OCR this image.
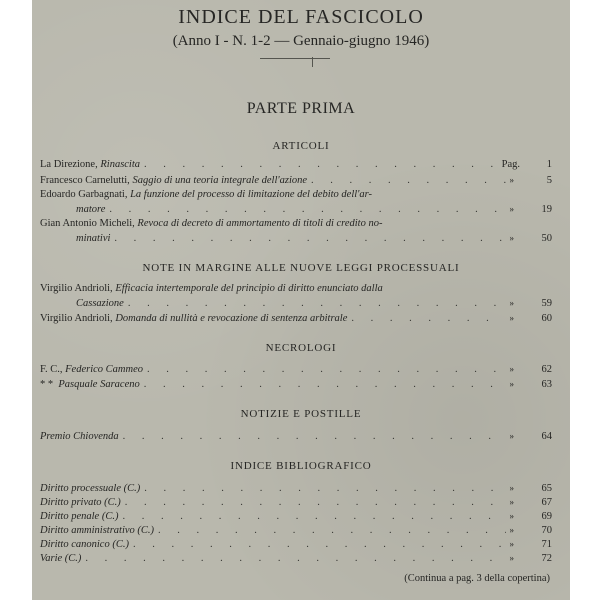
INDICE DEL FASCICOLO
(Anno I - N. 1-2 — Gennaio-giugno 1946)
PARTE PRIMA
ARTICOLI
La Direzione,
Rinascita . . .	Pag.	1
Francesco Carnelutti,
Saggio di una teoria integrale dell'azione . . .	»	5
Edoardo Garbagnati,
La funzione del processo di limitazione del debito dell'ar-
matore . . .	»	19
Gian Antonio Micheli,
Revoca di decreto di ammortamento di titoli di credito no-
minativi . . .	»	50
NOTE IN MARGINE ALLE NUOVE LEGGI PROCESSUALI
Virgilio Andrioli,
Efficacia intertemporale del principio di diritto enunciato dalla
Cassazione . . .	»	59
Virgilio Andrioli,
Domanda di nullità e revocazione di sentenza arbitrale . . .	»	60
NECROLOGI
F. C.,
Federico Cammeo . . .	»	62
* *
Pasquale Saraceno . . .	»	63
NOTIZIE E POSTILLE
Premio Chiovenda . . .	»	64
INDICE BIBLIOGRAFICO
Diritto processuale (C.) . . .	»	65
Diritto privato (C.) . . .	»	67
Diritto penale (C.) . . .	»	69
Diritto amministrativo (C.) . . .	»	70
Diritto canonico (C.) . . .	»	71
Varie (C.) . . .	»	72
(Continua a pag. 3 della copertina)
